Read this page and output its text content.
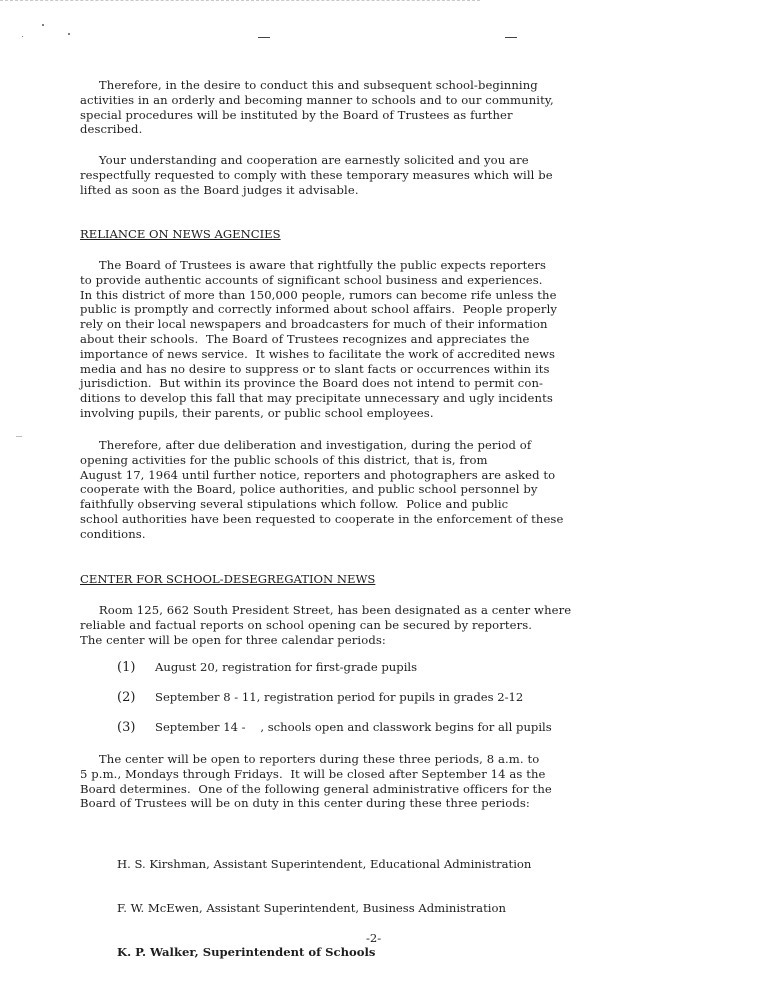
Therefore, in the desire to conduct this and subsequent school-beginning
activities in an orderly and becoming manner to schools and to our community,
special procedures will be instituted by the Board of Trustees as further
described.

Your understanding and cooperation are earnestly solicited and you are
respectfully requested to comply with these temporary measures which will be
lifted as soon as the Board judges it advisable.

RELIANCE ON NEWS AGENCIES

The Board of Trustees is aware that rightfully the public expects reporters
to provide authentic accounts of significant school business and experiences.
In this district of more than 150,000 people, rumors can become rife unless the
public is promptly and correctly informed about school affairs.  People properly
rely on their local newspapers and broadcasters for much of their information
about their schools.  The Board of Trustees recognizes and appreciates the
importance of news service.  It wishes to facilitate the work of accredited news
media and has no desire to suppress or to slant facts or occurrences within its
jurisdiction.  But within its province the Board does not intend to permit con-
ditions to develop this fall that may precipitate unnecessary and ugly incidents
involving pupils, their parents, or public school employees.

Therefore, after due deliberation and investigation, during the period of
opening activities for the public schools of this district, that is, from
August 17, 1964 until further notice, reporters and photographers are asked to
cooperate with the Board, police authorities, and public school personnel by
faithfully observing several stipulations which follow.  Police and public
school authorities have been requested to cooperate in the enforcement of these
conditions.

CENTER FOR SCHOOL-DESEGREGATION NEWS

Room 125, 662 South President Street, has been designated as a center where
reliable and factual reports on school opening can be secured by reporters.
The center will be open for three calendar periods:

(1) August 20, registration for first-grade pupils

(2) September 8 - 11, registration period for pupils in grades 2-12

(3) September 14 -    , schools open and classwork begins for all pupils

The center will be open to reporters during these three periods, 8 a.m. to
5 p.m., Mondays through Fridays.  It will be closed after September 14 as the
Board determines.  One of the following general administrative officers for the
Board of Trustees will be on duty in this center during these three periods:

H. S. Kirshman, Assistant Superintendent, Educational Administration

F. W. McEwen, Assistant Superintendent, Business Administration

K. P. Walker, Superintendent of Schools

-2-
